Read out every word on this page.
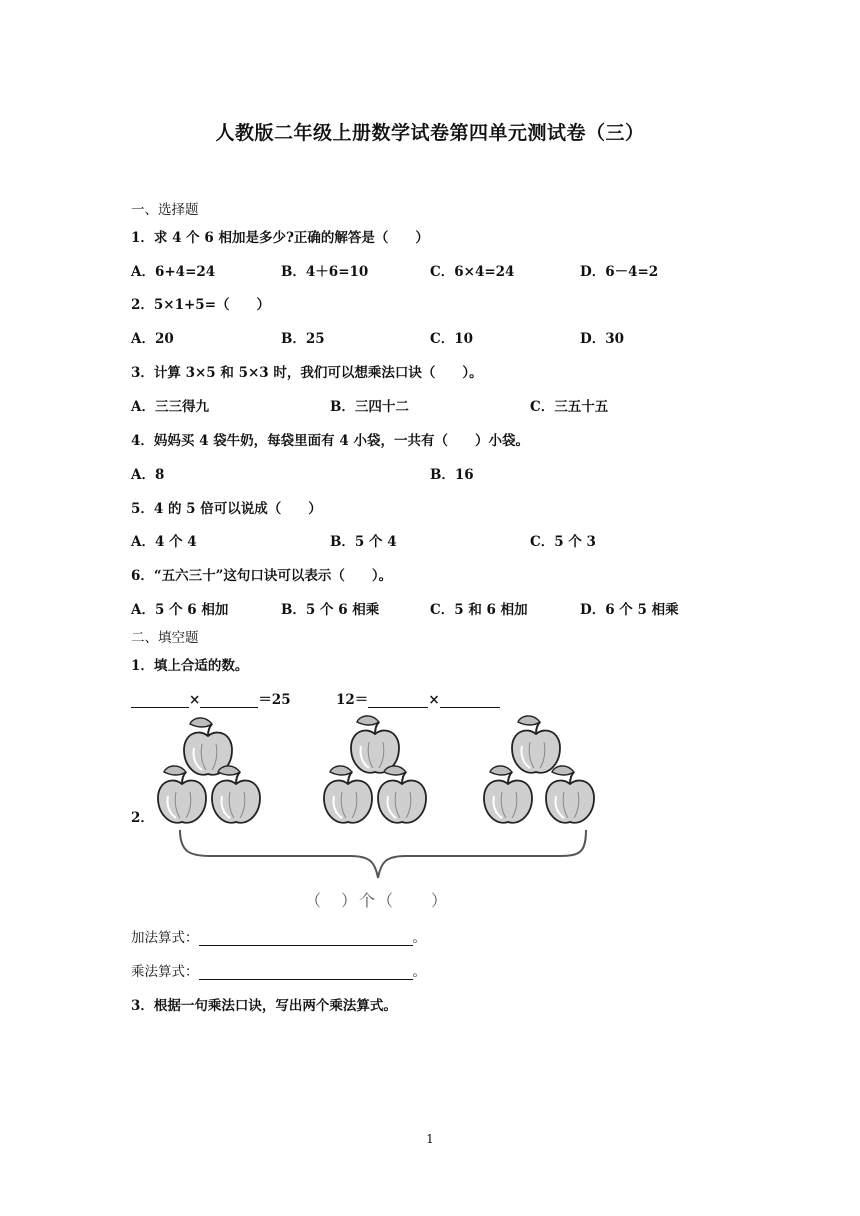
人教版二年级上册数学试卷第四单元测试卷（三）
一、选择题
1．求 4 个 6 相加是多少?正确的解答是（　　）
A．6+4=24	B．4＋6=10	C．6×4=24	D．6－4=2
2．5×1+5=（　　）
A．20	B．25	C．10	D．30
3．计算 3×5 和 5×3 时，我们可以想乘法口诀（　　）。
A．三三得九	B．三四十二	C．三五十五
4．妈妈买 4 袋牛奶，每袋里面有 4 小袋，一共有（　　）小袋。
A．8	B．16
5．4 的 5 倍可以说成（　　）
A．4 个 4	B．5 个 4	C．5 个 3
6．“五六三十”这句口诀可以表示（　　）。
A．5 个 6 相加	B．5 个 6 相乘	C．5 和 6 相加	D．6 个 5 相乘
二、填空题
1．填上合适的数。
×	＝25	12＝	×
2．
（　）个（　　）
加法算式：	。
乘法算式：	。
3．根据一句乘法口诀，写出两个乘法算式。
1
